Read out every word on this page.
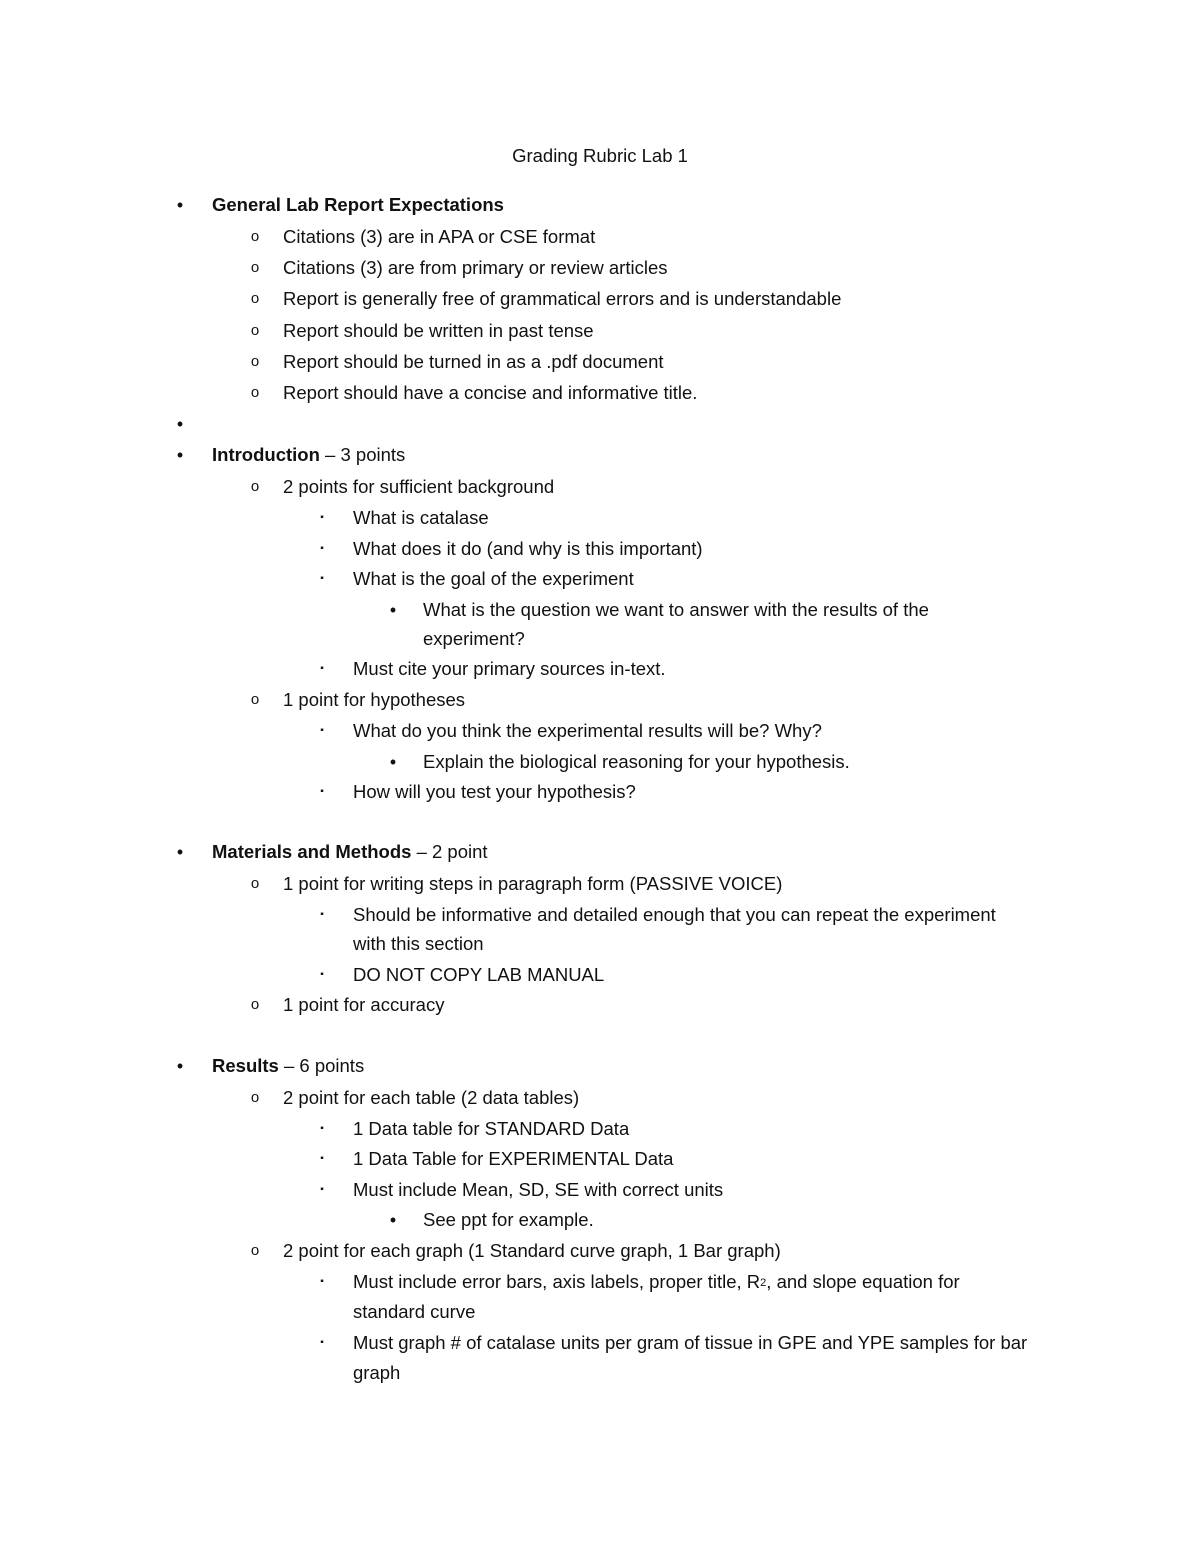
Grading Rubric Lab 1
•	General Lab Report Expectations
o	Citations (3) are in APA or CSE format
o	Citations (3) are from primary or review articles
o	Report is generally free of grammatical errors and is understandable
o	Report should be written in past tense
o	Report should be turned in as a .pdf document
o	Report should have a concise and informative title.
•
•	Introduction – 3 points
o	2 points for sufficient background
▪	What is catalase
▪	What does it do (and why is this important)
▪	What is the goal of the experiment
•	What is the question we want to answer with the results of the
experiment?
▪	Must cite your primary sources in-text.
o	1 point for hypotheses
▪	What do you think the experimental results will be? Why?
•	Explain the biological reasoning for your hypothesis.
▪	How will you test your hypothesis?
•	Materials and Methods – 2 point
o	1 point for writing steps in paragraph form (PASSIVE VOICE)
▪	Should be informative and detailed enough that you can repeat the experiment
with this section
▪	DO NOT COPY LAB MANUAL
o	1 point for accuracy
•	Results – 6 points
o	2 point for each table (2 data tables)
▪	1 Data table for STANDARD Data
▪	1 Data Table for EXPERIMENTAL Data
▪	Must include Mean, SD, SE with correct units
•	See ppt for example.
o	2 point for each graph (1 Standard curve graph, 1 Bar graph)
▪	Must include error bars, axis labels, proper title, $R^2$, and slope equation for
standard curve
▪	Must graph # of catalase units per gram of tissue in GPE and YPE samples for bar
graph
